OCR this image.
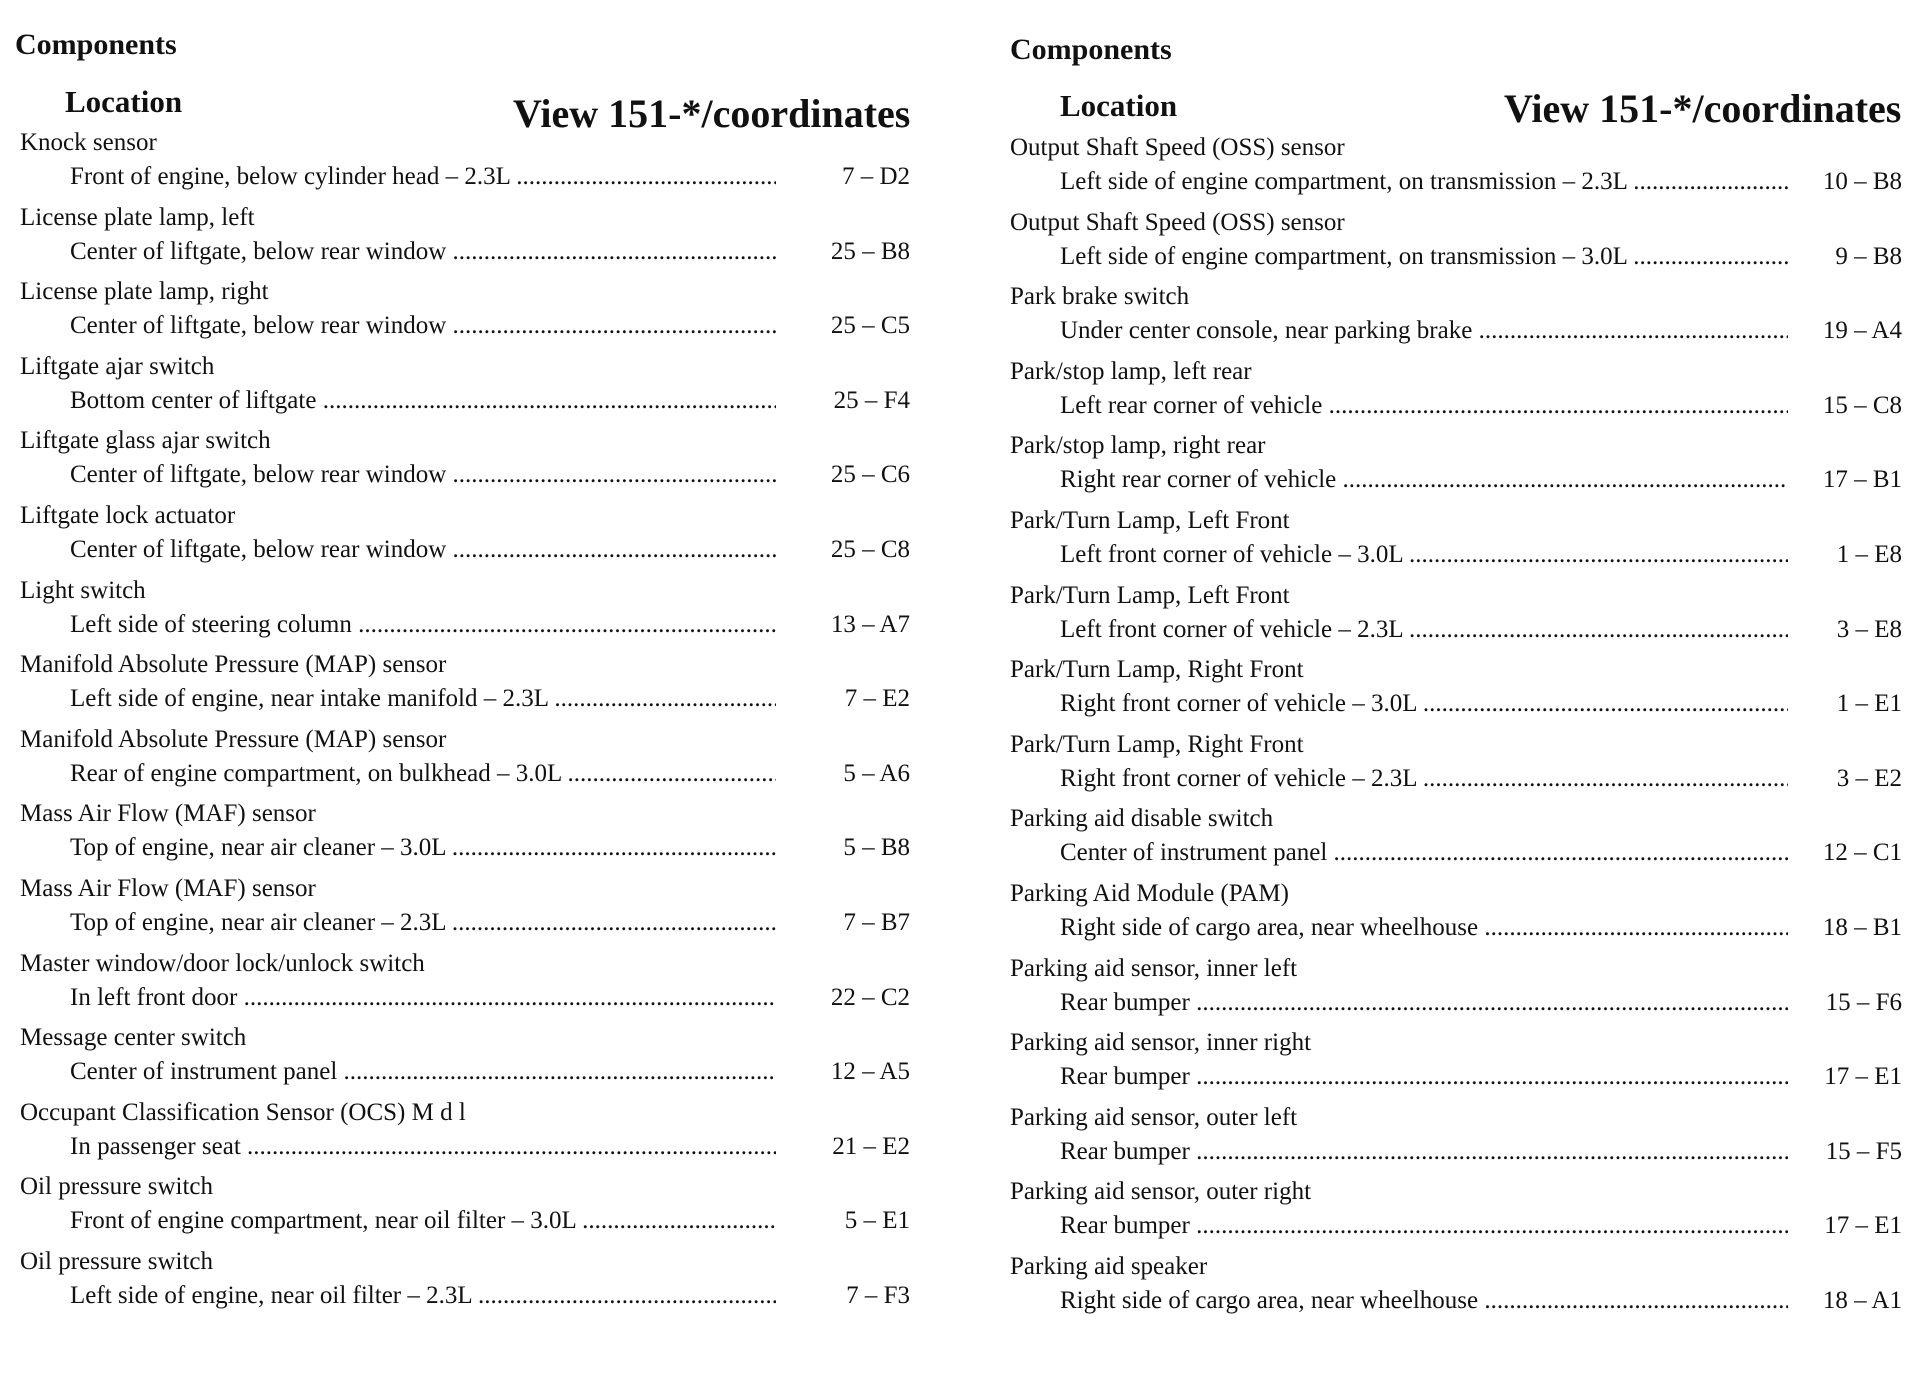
Components
Location	View 151-*/coordinates
Knock sensor
Front of engine, below cylinder head – 2.3L .....	7 – D2
License plate lamp, left
Center of liftgate, below rear window .....	25 – B8
License plate lamp, right
Center of liftgate, below rear window .....	25 – C5
Liftgate ajar switch
Bottom center of liftgate .....	25 – F4
Liftgate glass ajar switch
Center of liftgate, below rear window .....	25 – C6
Liftgate lock actuator
Center of liftgate, below rear window .....	25 – C8
Light switch
Left side of steering column .....	13 – A7
Manifold Absolute Pressure (MAP) sensor
Left side of engine, near intake manifold – 2.3L .....	7 – E2
Manifold Absolute Pressure (MAP) sensor
Rear of engine compartment, on bulkhead – 3.0L .....	5 – A6
Mass Air Flow (MAF) sensor
Top of engine, near air cleaner – 3.0L .....	5 – B8
Mass Air Flow (MAF) sensor
Top of engine, near air cleaner – 2.3L .....	7 – B7
Master window/door lock/unlock switch
In left front door .....	22 – C2
Message center switch
Center of instrument panel .....	12 – A5
Occupant Classification Sensor (OCS) M d l
In passenger seat .....	21 – E2
Oil pressure switch
Front of engine compartment, near oil filter – 3.0L .....	5 – E1
Oil pressure switch
Left side of engine, near oil filter – 2.3L .....	7 – F3
Components
Location	View 151-*/coordinates
Output Shaft Speed (OSS) sensor
Left side of engine compartment, on transmission – 2.3L .....	10 – B8
Output Shaft Speed (OSS) sensor
Left side of engine compartment, on transmission – 3.0L .....	9 – B8
Park brake switch
Under center console, near parking brake .....	19 – A4
Park/stop lamp, left rear
Left rear corner of vehicle .....	15 – C8
Park/stop lamp, right rear
Right rear corner of vehicle .....	17 – B1
Park/Turn Lamp, Left Front
Left front corner of vehicle – 3.0L .....	1 – E8
Park/Turn Lamp, Left Front
Left front corner of vehicle – 2.3L .....	3 – E8
Park/Turn Lamp, Right Front
Right front corner of vehicle – 3.0L .....	1 – E1
Park/Turn Lamp, Right Front
Right front corner of vehicle – 2.3L .....	3 – E2
Parking aid disable switch
Center of instrument panel .....	12 – C1
Parking Aid Module (PAM)
Right side of cargo area, near wheelhouse .....	18 – B1
Parking aid sensor, inner left
Rear bumper .....	15 – F6
Parking aid sensor, inner right
Rear bumper .....	17 – E1
Parking aid sensor, outer left
Rear bumper .....	15 – F5
Parking aid sensor, outer right
Rear bumper .....	17 – E1
Parking aid speaker
Right side of cargo area, near wheelhouse .....	18 – A1
